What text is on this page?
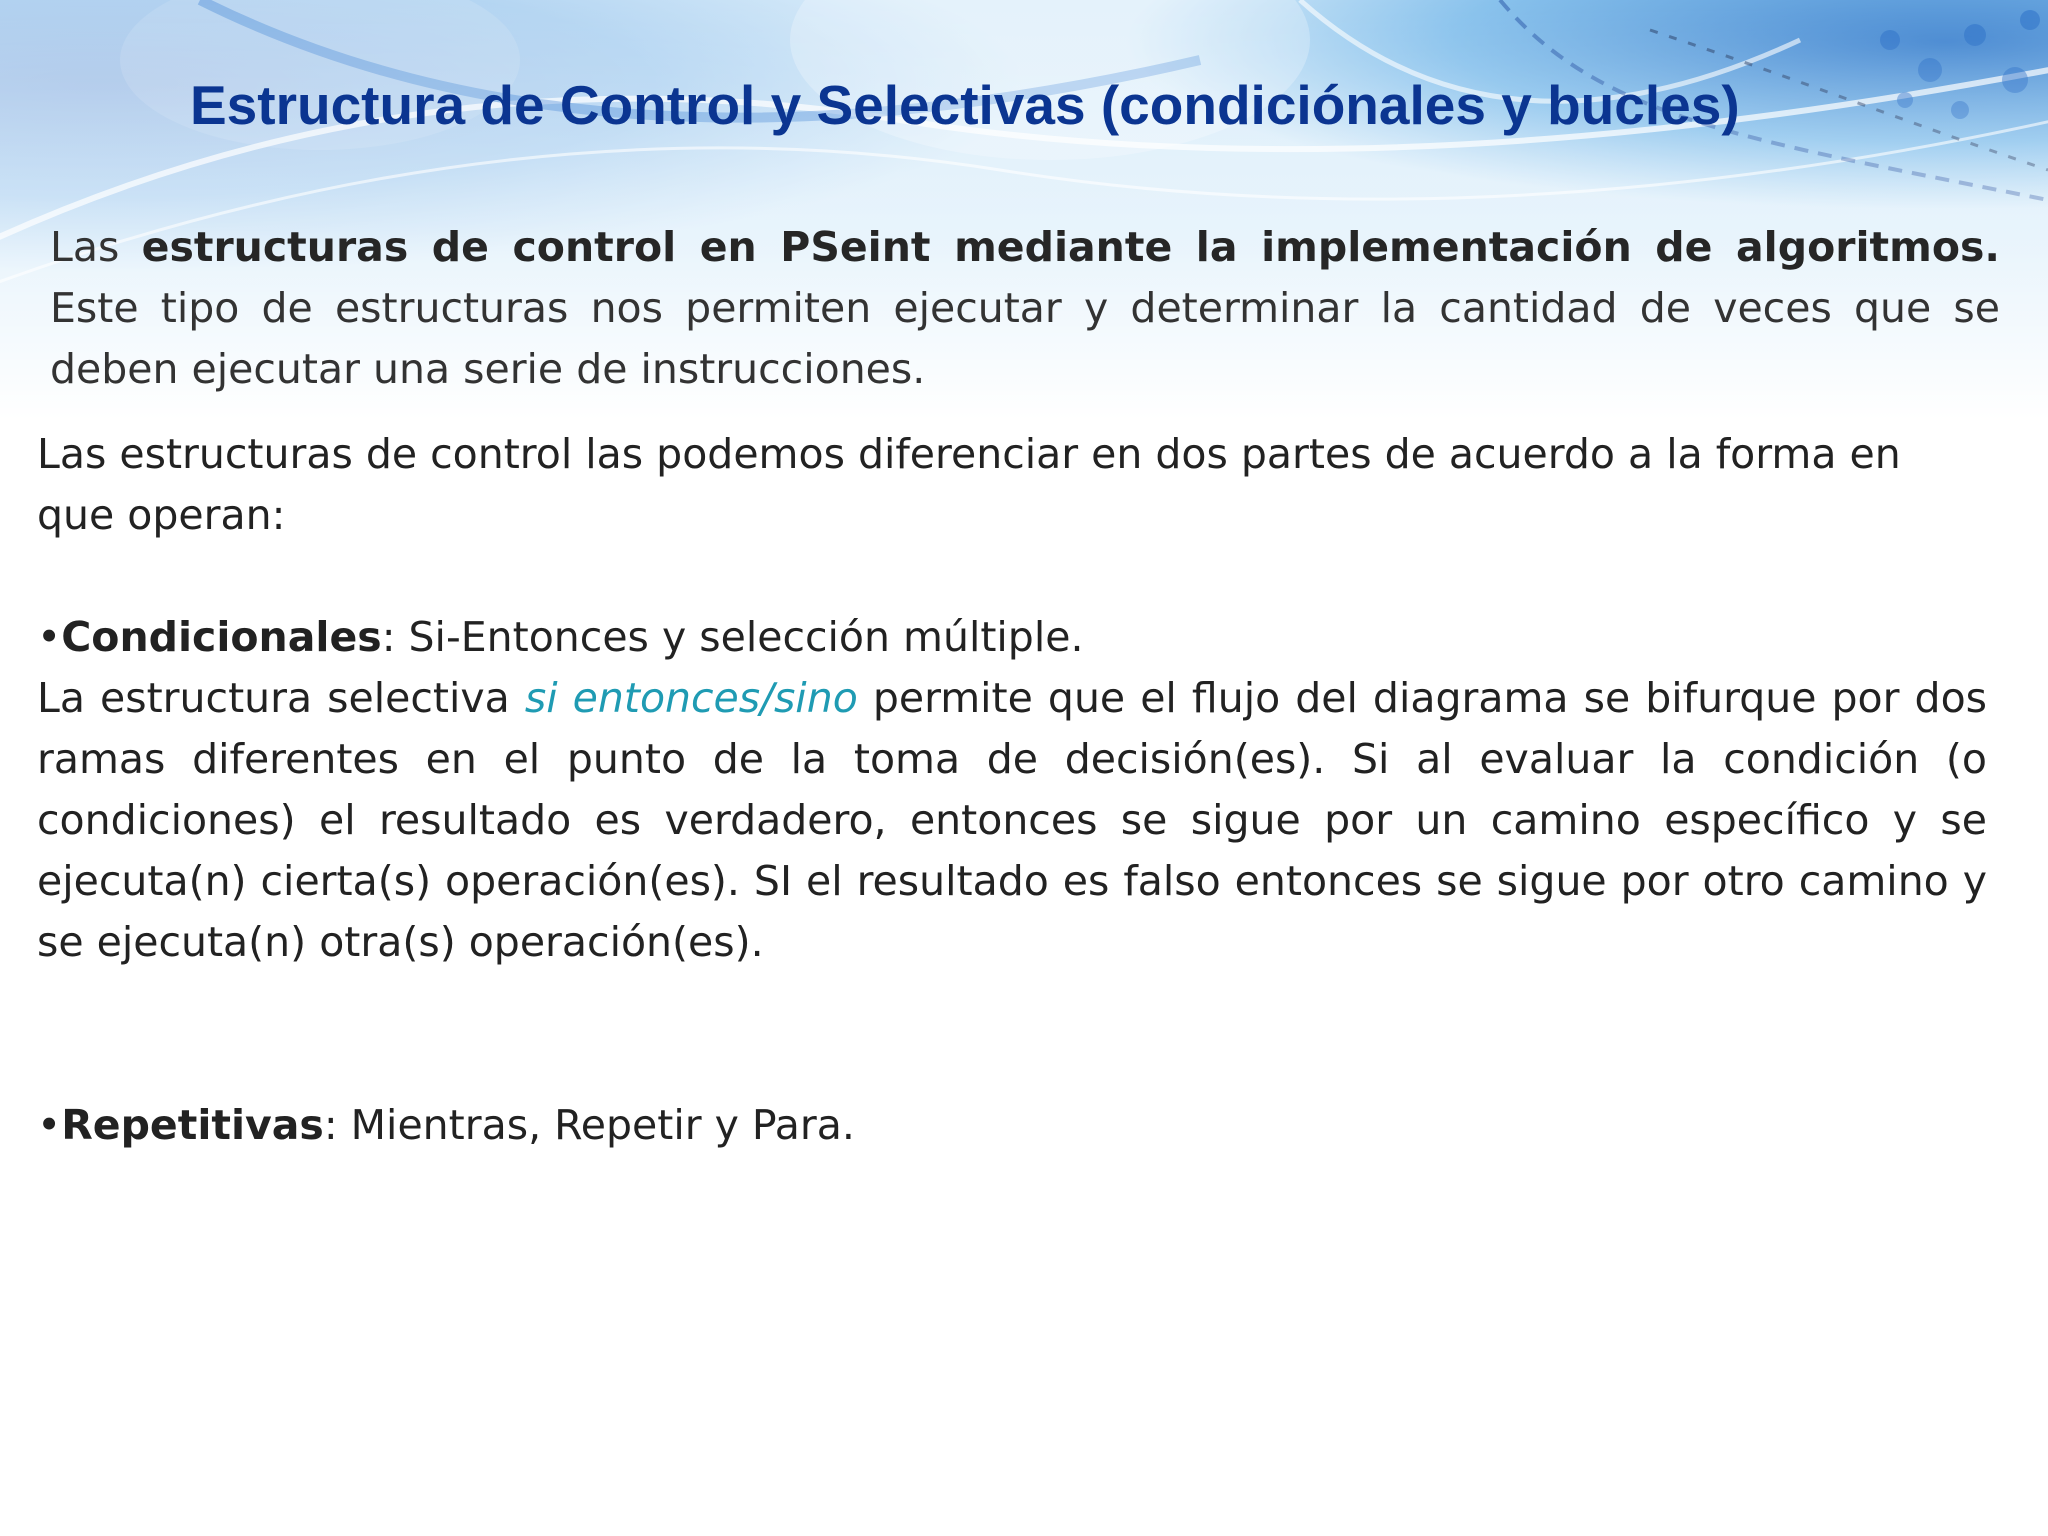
Estructura de Control y Selectivas (condiciónales y bucles)

Las estructuras de control en PSeint mediante la implementación de algoritmos. Este tipo de estructuras nos permiten ejecutar y determinar la cantidad de veces que se deben ejecutar una serie de instrucciones.

Las estructuras de control las podemos diferenciar en dos partes de acuerdo a la forma en que operan:

•Condicionales: Si-Entonces y selección múltiple.

La estructura selectiva si entonces/sino permite que el flujo del diagrama se bifurque por dos ramas diferentes en el punto de la toma de decisión(es). Si al evaluar la condición (o condiciones) el resultado es verdadero, entonces se sigue por un camino específico y se ejecuta(n) cierta(s) operación(es). SI el resultado es falso entonces se sigue por otro camino y se ejecuta(n) otra(s) operación(es).

•Repetitivas: Mientras, Repetir y Para.
